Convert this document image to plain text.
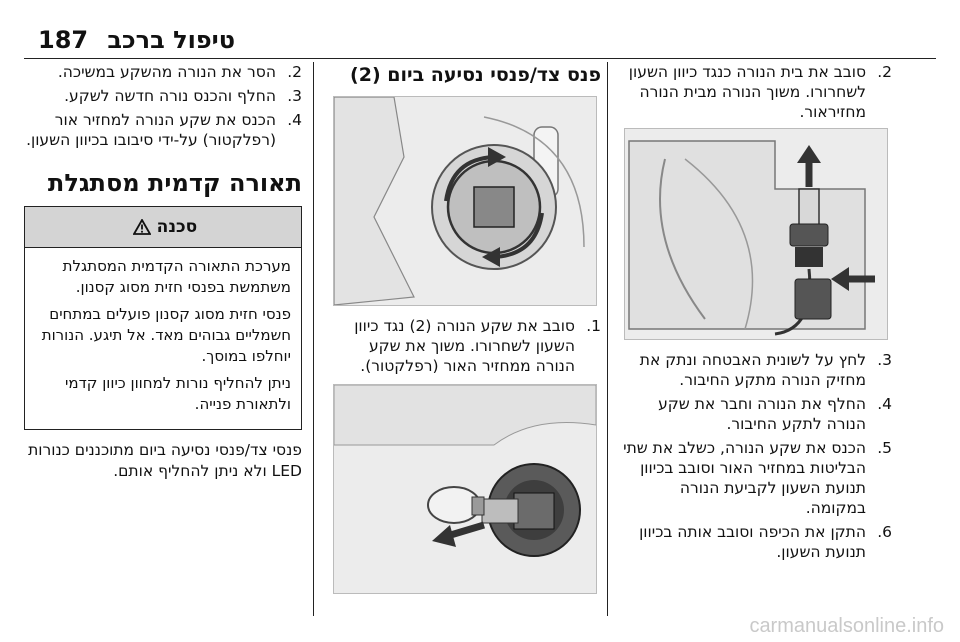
187 טיפול ברכב
2.
סובב את בית הנורה כנגד כיוון השעון לשחרורו. משוך הנורה מבית הנורה מחזיראור.
3.
לחץ על לשונית האבטחה ונתק את מחזיק הנורה מתקע החיבור.
4.
החלף את הנורה וחבר את שקע הנורה לתקע החיבור.
5.
הכנס את שקע הנורה, כשלב את שתי הבליטות במחזיר האור וסובב בכיוון תנועת השעון לקביעת הנורה במקומה.
6.
התקן את הכיפה וסובב אותה בכיוון תנועת השעון.
פנס צד/פנסי נסיעה ביום (2)
1.
סובב את שקע הנורה (2) נגד כיוון השעון לשחרורו. משוך את שקע הנורה ממחזיר האור (רפלקטור).
2.
הסר את הנורה מהשקע במשיכה.
3.
החלף והכנס נורה חדשה לשקע.
4.
הכנס את שקע הנורה למחזיר אור (רפלקטור) על-ידי סיבובו בכיוון השעון.
תאורה קדמית מסתגלת
סכנה

מערכת התאורה הקדמית המסתגלת משתמשת בפנסי חזית מסוג קסנון.

פנסי חזית מסוג קסנון פועלים במתחים חשמליים גבוהים מאד. אל תיגע. הנורות יוחלפו במוסך.

ניתן להחליף נורות למחוון כיוון קדמי ולתאורת פנייה.

פנסי צד/פנסי נסיעה ביום מתוכננים כנורות LED ולא ניתן להחליף אותם.
carmanualsonline.info
